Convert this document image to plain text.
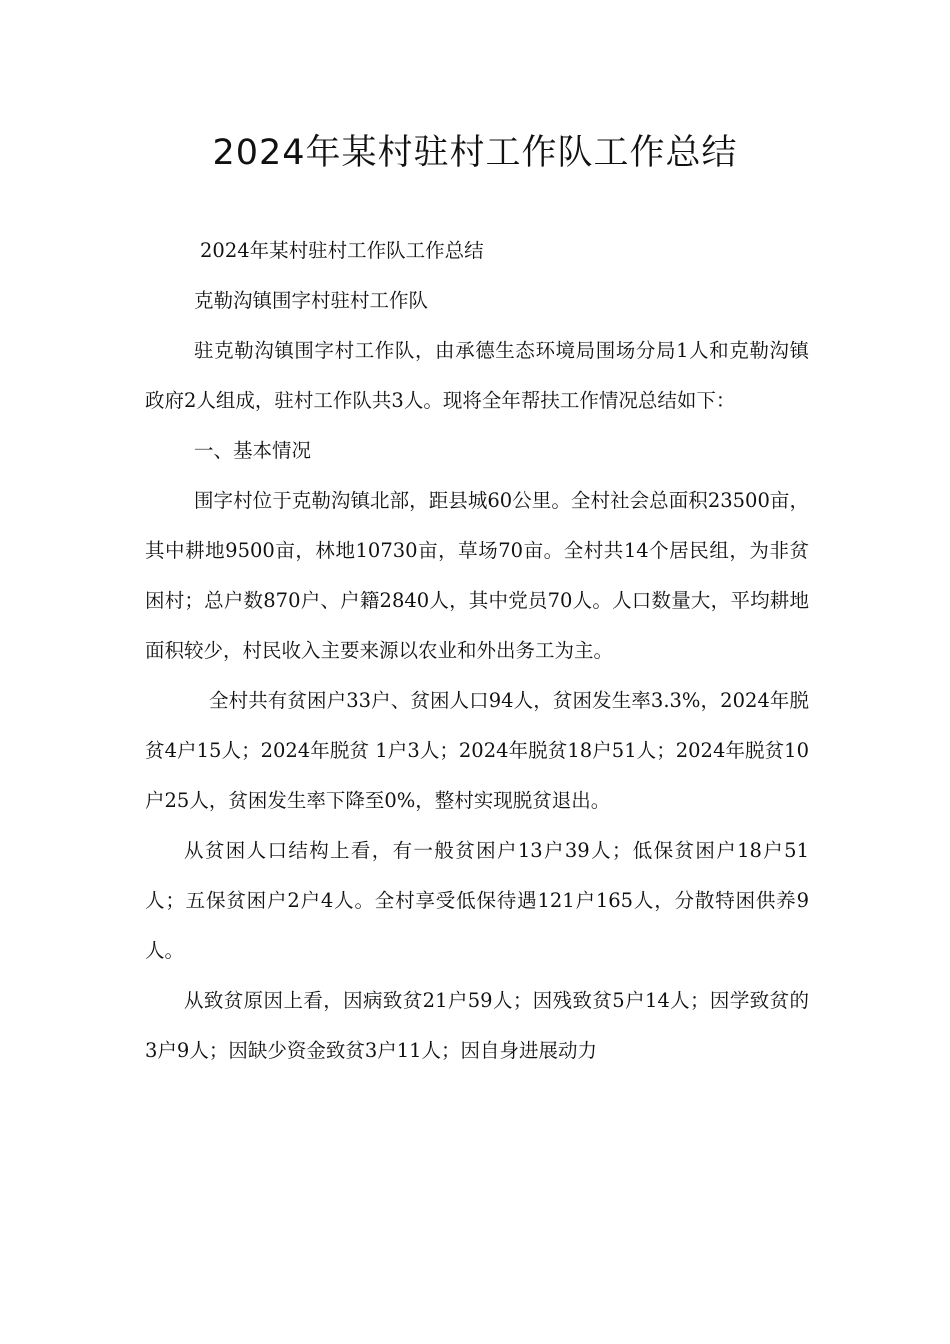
2024年某村驻村工作队工作总结

2024年某村驻村工作队工作总结

克勒沟镇围字村驻村工作队

驻克勒沟镇围字村工作队，由承德生态环境局围场分局1人和克勒沟镇政府2人组成，驻村工作队共3人。现将全年帮扶工作情况总结如下：

一、基本情况

围字村位于克勒沟镇北部，距县城60公里。全村社会总面积23500亩，其中耕地9500亩，林地10730亩，草场70亩。全村共14个居民组，为非贫困村；总户数870户、户籍2840人，其中党员70人。人口数量大，平均耕地面积较少，村民收入主要来源以农业和外出务工为主。

全村共有贫困户33户、贫困人口94人，贫困发生率3.3%，2024年脱贫4户15人；2024年脱贫 1户3人；2024年脱贫18户51人；2024年脱贫10户25人，贫困发生率下降至0%，整村实现脱贫退出。

从贫困人口结构上看，有一般贫困户13户39人；低保贫困户18户51人；五保贫困户2户4人。全村享受低保待遇121户165人，分散特困供养9人。

从致贫原因上看，因病致贫21户59人；因残致贫5户14人；因学致贫的3户9人；因缺少资金致贫3户11人；因自身进展动力
